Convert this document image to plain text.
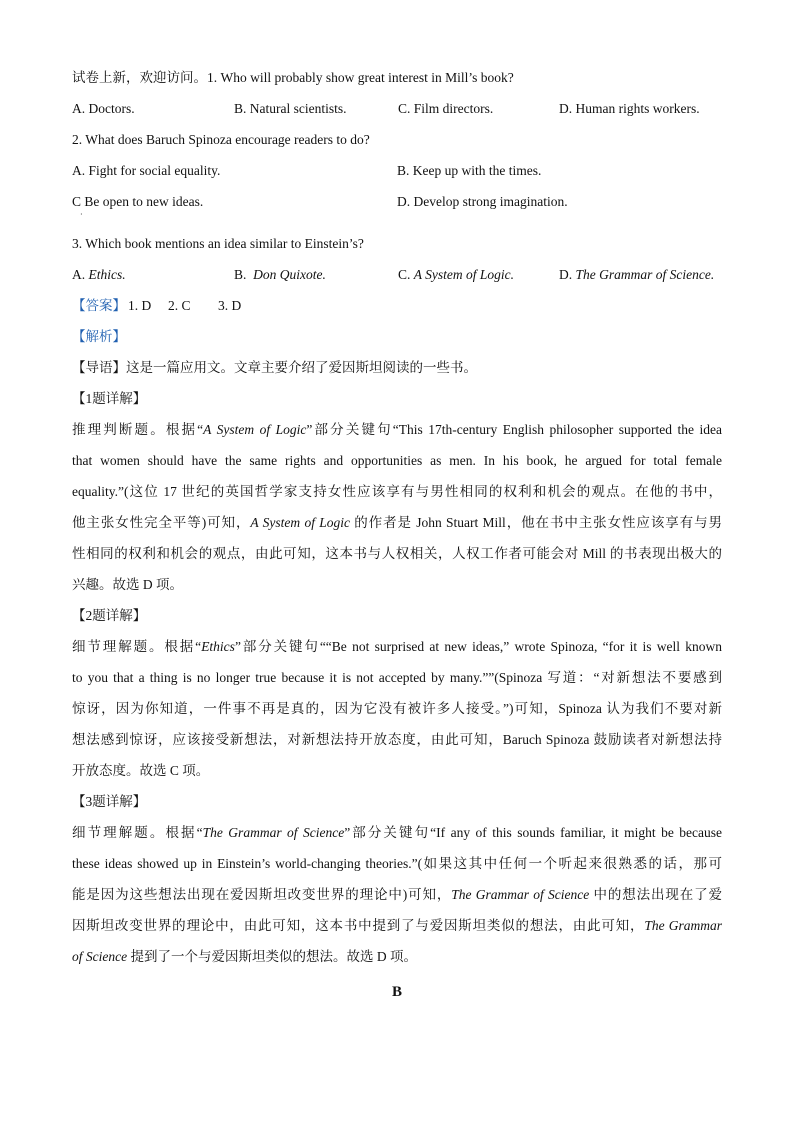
试卷上新，欢迎访问。1. Who will probably show great interest in Mill’s book?
A. Doctors.	B. Natural scientists.	C. Film directors.	D. Human rights workers.
2. What does Baruch Spinoza encourage readers to do?
A. Fight for social equality.	B. Keep up with the times.
C Be open to new ideas.	D. Develop strong imagination.
3. Which book mentions an idea similar to Einstein’s?
A. Ethics.	B.  Don Quixote.	C. A System of Logic.	D. The Grammar of Science.
【答案】 1. D 2. C 3. D
【解析】
【导语】这是一篇应用文。文章主要介绍了爱因斯坦阅读的一些书。
【1题详解】
推理判断题。根据“A System of Logic”部分关键句“This 17th-century English philosopher supported the idea
that women should have the same rights and opportunities as men. In his book, he argued for total female
equality.”(这位 17 世纪的英国哲学家支持女性应该享有与男性相同的权利和机会的观点。在他的书中，
他主张女性完全平等)可知，A System of Logic 的作者是 John Stuart Mill，他在书中主张女性应该享有与男
性相同的权利和机会的观点，由此可知，这本书与人权相关，人权工作者可能会对 Mill 的书表现出极大的
兴趣。故选 D 项。
【2题详解】
细节理解题。根据“Ethics”部分关键句““Be not surprised at new ideas,” wrote Spinoza, “for it is well known
to you that a thing is no longer true because it is not accepted by many.””(Spinoza 写道：“对新想法不要感到
惊讶，因为你知道，一件事不再是真的，因为它没有被许多人接受。”)可知，Spinoza 认为我们不要对新
想法感到惊讶，应该接受新想法，对新想法持开放态度，由此可知，Baruch Spinoza 鼓励读者对新想法持
开放态度。故选 C 项。
【3题详解】
细节理解题。根据“The Grammar of Science”部分关键句“If any of this sounds familiar, it might be because
these ideas showed up in Einstein’s world-changing theories.”(如果这其中任何一个听起来很熟悉的话，那可
能是因为这些想法出现在爱因斯坦改变世界的理论中)可知，The Grammar of Science 中的想法出现在了爱
因斯坦改变世界的理论中，由此可知，这本书中提到了与爱因斯坦类似的想法，由此可知，The Grammar
of Science 提到了一个与爱因斯坦类似的想法。故选 D 项。
·
B
